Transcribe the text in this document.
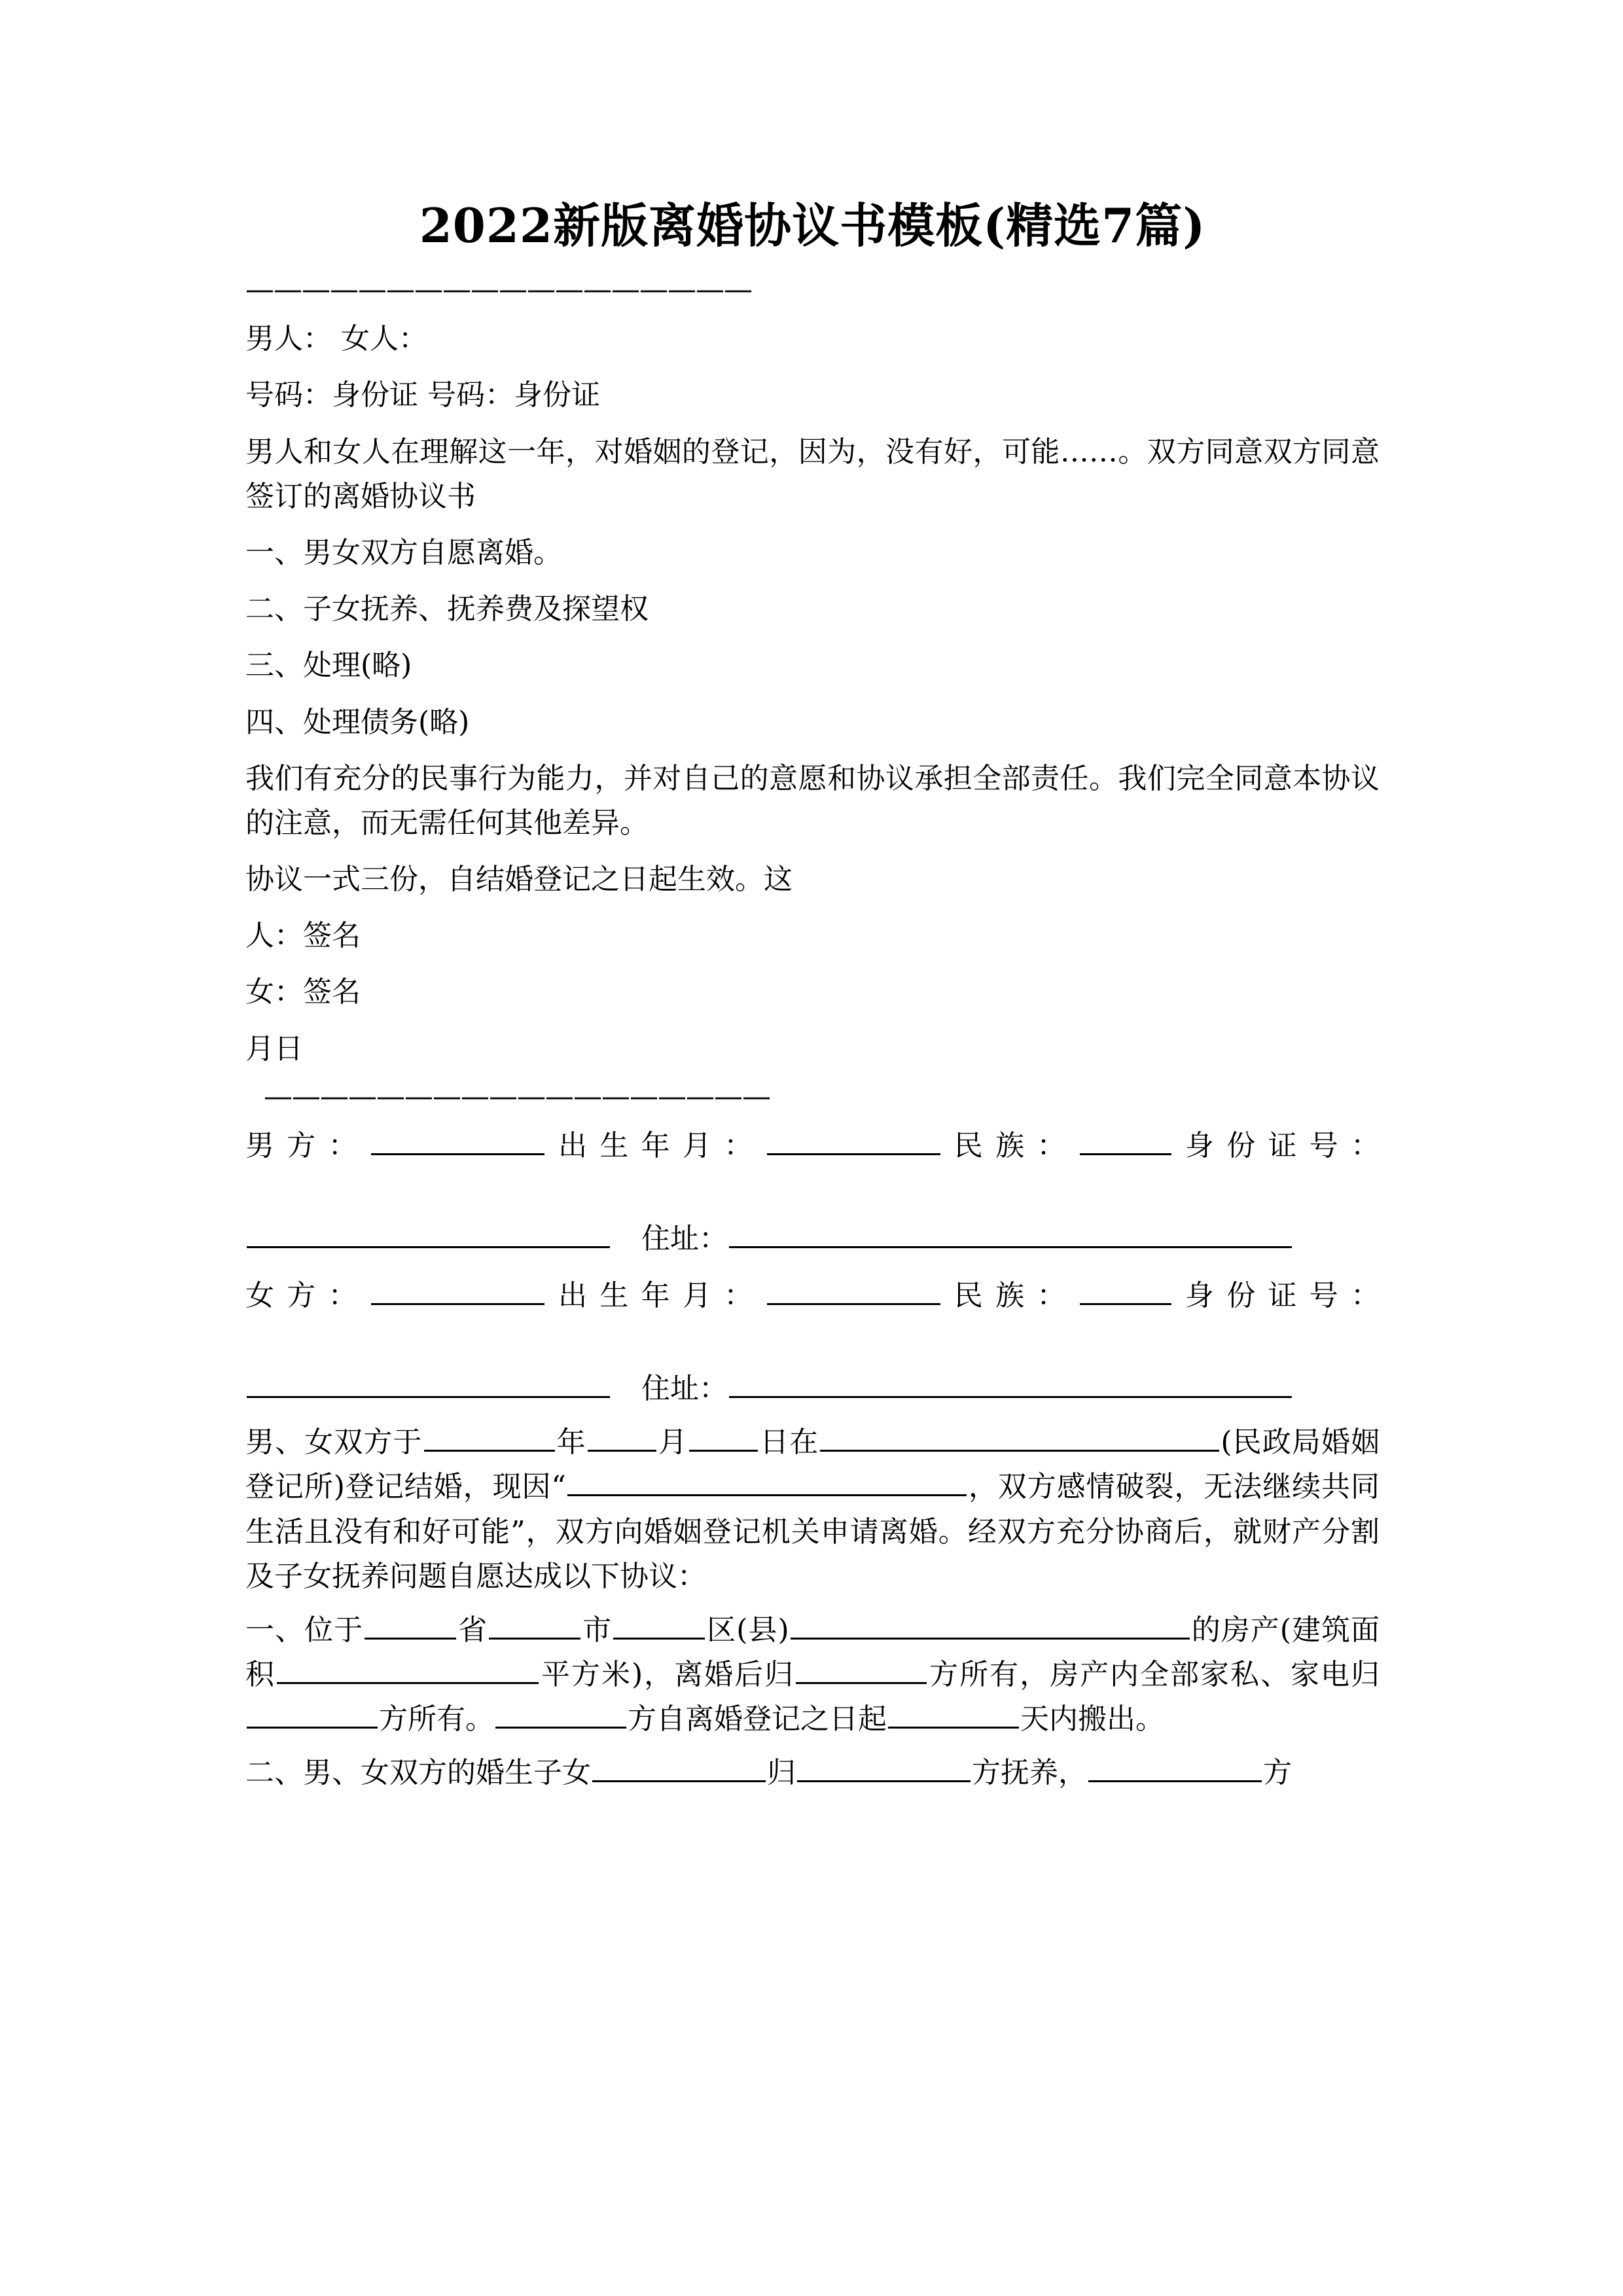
2022新版离婚协议书模板(精选7篇)
——————————————————

男人： 女人：

号码：身份证 号码：身份证

男人和女人在理解这一年，对婚姻的登记，因为，没有好，可能……。双方同意双方同意签订的离婚协议书

一、男女双方自愿离婚。

二、子女抚养、抚养费及探望权

三、处理(略)

四、处理债务(略)

我们有充分的民事行为能力，并对自己的意愿和协议承担全部责任。我们完全同意本协议的注意，而无需任何其他差异。

协议一式三份，自结婚登记之日起生效。这

人：签名

女：签名

月日

——————————————————

男方：	出生年月：	民族：	身份证号：

住址：

女方：	出生年月：	民族：	身份证号：

住址：

男、女双方于	年 月 日在	(民政局婚姻登记所)登记结婚，现因“	，双方感情破裂，无法继续共同生活且没有和好可能”，双方向婚姻登记机关申请离婚。经双方充分协商后，就财产分割及子女抚养问题自愿达成以下协议：

一、位于	省	市	区(县)	的房产(建筑面积	平方米)，离婚后归	方所有，房产内全部家私、家电归方所有。	方自离婚登记之日起	天内搬出。

二、男、女双方的婚生子女	归	方抚养，	方
